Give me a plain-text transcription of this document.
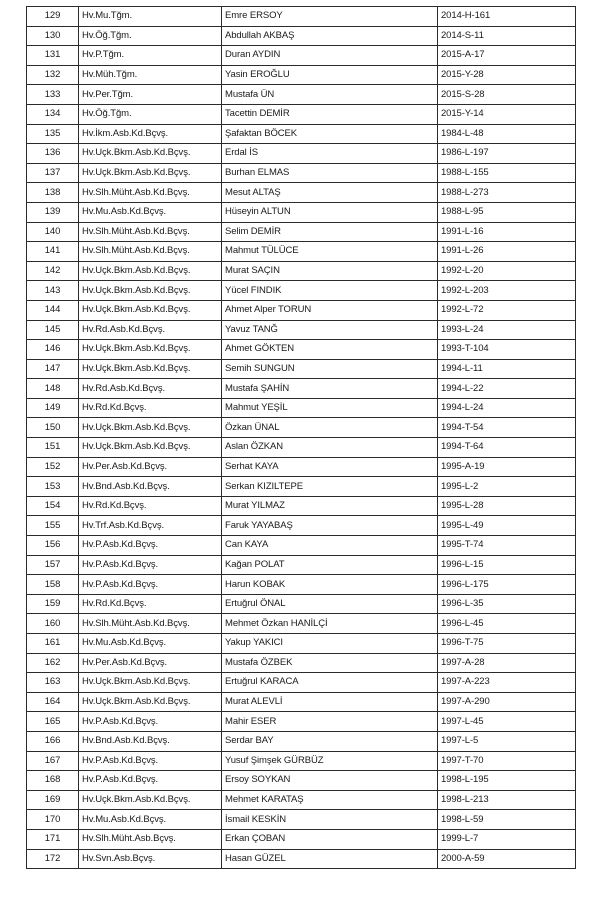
129	Hv.Mu.Tğm.	Emre ERSOY	2014-H-161
130	Hv.Öğ.Tğm.	Abdullah AKBAŞ	2014-S-11
131	Hv.P.Tğm.	Duran AYDIN	2015-A-17
132	Hv.Müh.Tğm.	Yasin EROĞLU	2015-Y-28
133	Hv.Per.Tğm.	Mustafa ÜN	2015-S-28
134	Hv.Öğ.Tğm.	Tacettin DEMİR	2015-Y-14
135	Hv.İkm.Asb.Kd.Bçvş.	Şafaktan BÖCEK	1984-L-48
136	Hv.Uçk.Bkm.Asb.Kd.Bçvş.	Erdal İS	1986-L-197
137	Hv.Uçk.Bkm.Asb.Kd.Bçvş.	Burhan ELMAS	1988-L-155
138	Hv.Slh.Müht.Asb.Kd.Bçvş.	Mesut ALTAŞ	1988-L-273
139	Hv.Mu.Asb.Kd.Bçvş.	Hüseyin ALTUN	1988-L-95
140	Hv.Slh.Müht.Asb.Kd.Bçvş.	Selim DEMİR	1991-L-16
141	Hv.Slh.Müht.Asb.Kd.Bçvş.	Mahmut TÜLÜCE	1991-L-26
142	Hv.Uçk.Bkm.Asb.Kd.Bçvş.	Murat SAÇIN	1992-L-20
143	Hv.Uçk.Bkm.Asb.Kd.Bçvş.	Yücel FINDIK	1992-L-203
144	Hv.Uçk.Bkm.Asb.Kd.Bçvş.	Ahmet Alper TORUN	1992-L-72
145	Hv.Rd.Asb.Kd.Bçvş.	Yavuz TANĞ	1993-L-24
146	Hv.Uçk.Bkm.Asb.Kd.Bçvş.	Ahmet GÖKTEN	1993-T-104
147	Hv.Uçk.Bkm.Asb.Kd.Bçvş.	Semih SUNGUN	1994-L-11
148	Hv.Rd.Asb.Kd.Bçvş.	Mustafa ŞAHİN	1994-L-22
149	Hv.Rd.Kd.Bçvş.	Mahmut YEŞİL	1994-L-24
150	Hv.Uçk.Bkm.Asb.Kd.Bçvş.	Özkan ÜNAL	1994-T-54
151	Hv.Uçk.Bkm.Asb.Kd.Bçvş.	Aslan ÖZKAN	1994-T-64
152	Hv.Per.Asb.Kd.Bçvş.	Serhat KAYA	1995-A-19
153	Hv.Bnd.Asb.Kd.Bçvş.	Serkan KIZILTEPE	1995-L-2
154	Hv.Rd.Kd.Bçvş.	Murat YILMAZ	1995-L-28
155	Hv.Trf.Asb.Kd.Bçvş.	Faruk YAYABAŞ	1995-L-49
156	Hv.P.Asb.Kd.Bçvş.	Can KAYA	1995-T-74
157	Hv.P.Asb.Kd.Bçvş.	Kağan POLAT	1996-L-15
158	Hv.P.Asb.Kd.Bçvş.	Harun KOBAK	1996-L-175
159	Hv.Rd.Kd.Bçvş.	Ertuğrul ÖNAL	1996-L-35
160	Hv.Slh.Müht.Asb.Kd.Bçvş.	Mehmet Özkan HANİLÇİ	1996-L-45
161	Hv.Mu.Asb.Kd.Bçvş.	Yakup YAKICI	1996-T-75
162	Hv.Per.Asb.Kd.Bçvş.	Mustafa ÖZBEK	1997-A-28
163	Hv.Uçk.Bkm.Asb.Kd.Bçvş.	Ertuğrul KARACA	1997-A-223
164	Hv.Uçk.Bkm.Asb.Kd.Bçvş.	Murat ALEVLİ	1997-A-290
165	Hv.P.Asb.Kd.Bçvş.	Mahir ESER	1997-L-45
166	Hv.Bnd.Asb.Kd.Bçvş.	Serdar BAY	1997-L-5
167	Hv.P.Asb.Kd.Bçvş.	Yusuf Şimşek GÜRBÜZ	1997-T-70
168	Hv.P.Asb.Kd.Bçvş.	Ersoy SOYKAN	1998-L-195
169	Hv.Uçk.Bkm.Asb.Kd.Bçvş.	Mehmet KARATAŞ	1998-L-213
170	Hv.Mu.Asb.Kd.Bçvş.	İsmail KESKİN	1998-L-59
171	Hv.Slh.Müht.Asb.Bçvş.	Erkan ÇOBAN	1999-L-7
172	Hv.Svn.Asb.Bçvş.	Hasan GÜZEL	2000-A-59
